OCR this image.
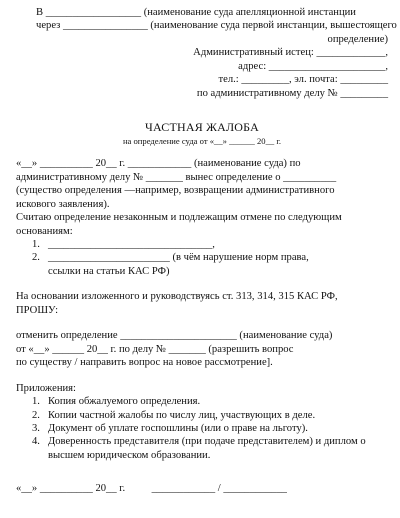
В __________________ (наименование суда апелляционной инстанции
через ________________ (наименование суда первой инстанции, вышестоящего
определение)
Административный истец: _____________,
адрес: ______________________,
тел.: _________, эл. почта: _________
по административному делу № _________
ЧАСТНАЯ ЖАЛОБА
на определение суда от «__» ______ 20__ г.

«__» __________ 20__ г. ____________ (наименование суда) по

административному делу № _______ вынес определение о __________

(существо определения —например, возвращении административного

искового заявления).

Считаю определение незаконным и подлежащим отмене по следующим

основаниям:

1. _______________________________,
2. _______________________ (в чём нарушение норм права,
ссылки на статьи КАС РФ)

На основании изложенного и руководствуясь ст. 313, 314, 315 КАС РФ,

ПРОШУ:

отменить определение ______________________ (наименование суда)

от «__» ______ 20__ г. по делу № _______ (разрешить вопрос

по существу / направить вопрос на новое рассмотрение].

Приложения:

1. Копия обжалуемого определения.
2. Копии частной жалобы по числу лиц, участвующих в деле.
3. Документ об уплате госпошлины (или о праве на льготу).
4. Доверенность представителя (при подаче представителем) и диплом о
высшем юридическом образовании.
«__» __________ 20__ г.          ____________ / ____________
